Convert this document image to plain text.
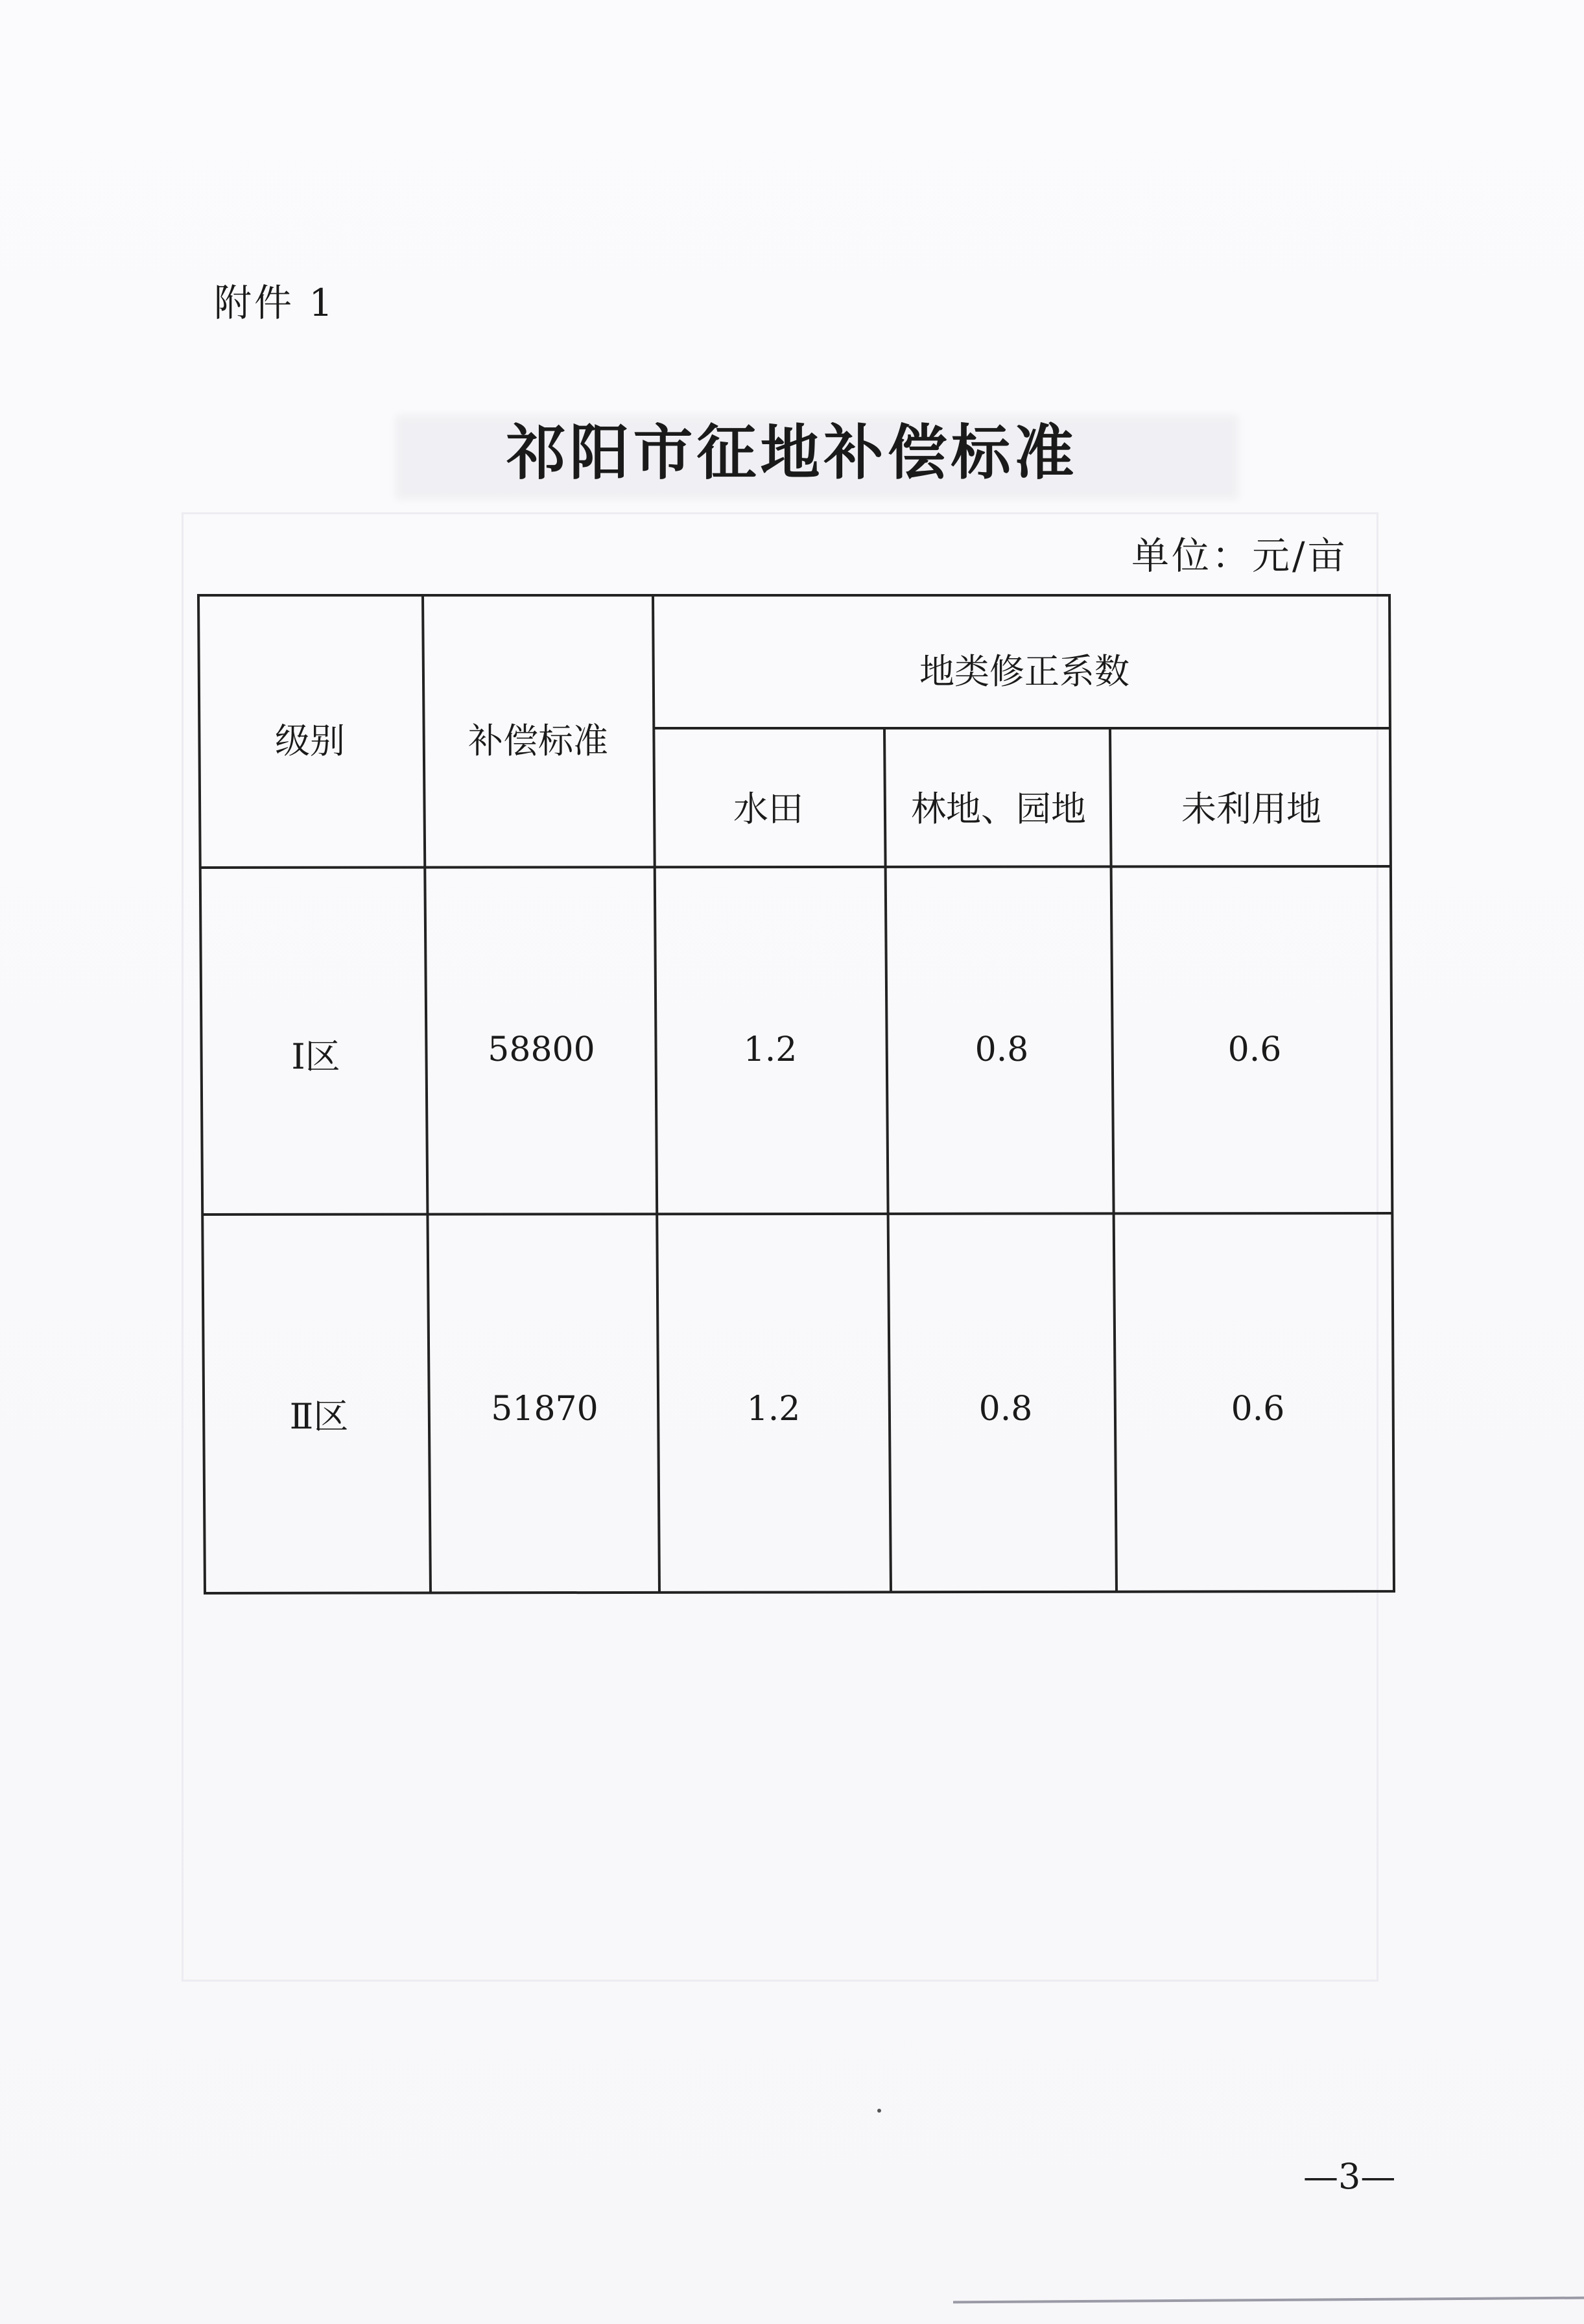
附件 1
祁阳市征地补偿标准
单位：元/亩
级别	补偿标准
地类修正系数
水田	林地、园地	未利用地
Ⅰ区	58800	1.2	0.8	0.6
Ⅱ区	51870	1.2	0.8	0.6
—3—
